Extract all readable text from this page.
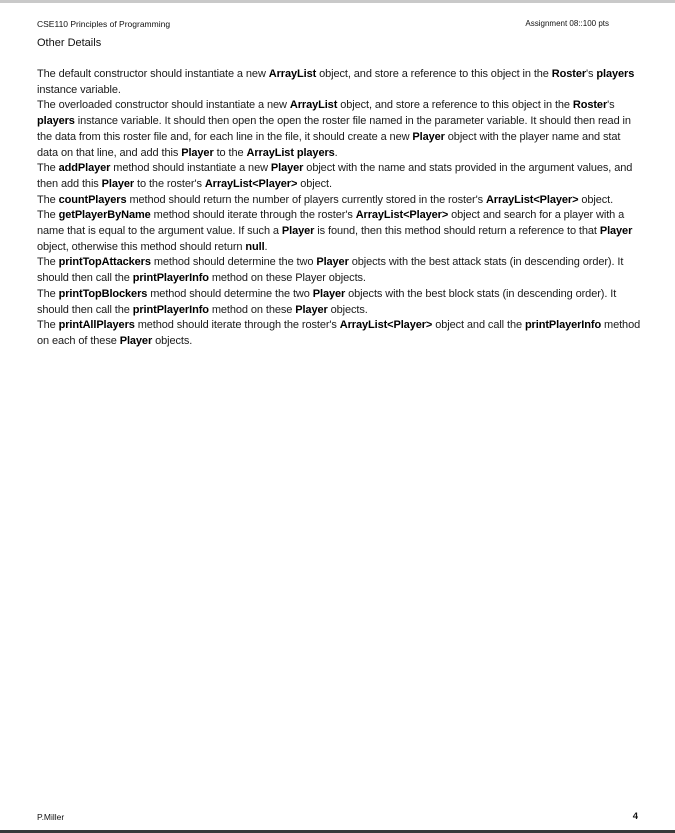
CSE110 Principles of Programming	Assignment 08::100 pts
Other Details

The default constructor should instantiate a new ArrayList object, and store a reference to this object in the Roster's players instance variable.

The overloaded constructor should instantiate a new ArrayList object, and store a reference to this object in the Roster's players instance variable. It should then open the open the roster file named in the parameter variable. It should then read in the data from this roster file and, for each line in the file, it should create a new Player object with the player name and stat data on that line, and add this Player to the ArrayList players.

The addPlayer method should instantiate a new Player object with the name and stats provided in the argument values, and then add this Player to the roster's ArrayList<Player> object.

The countPlayers method should return the number of players currently stored in the roster's ArrayList<Player> object.

The getPlayerByName method should iterate through the roster's ArrayList<Player> object and search for a player with a name that is equal to the argument value. If such a Player is found, then this method should return a reference to that Player object, otherwise this method should return null.

The printTopAttackers method should determine the two Player objects with the best attack stats (in descending order). It should then call the printPlayerInfo method on these Player objects.

The printTopBlockers method should determine the two Player objects with the best block stats (in descending order). It should then call the printPlayerInfo method on these Player objects.

The printAllPlayers method should iterate through the roster's ArrayList<Player> object and call the printPlayerInfo method on each of these Player objects.

P.Miller	4
